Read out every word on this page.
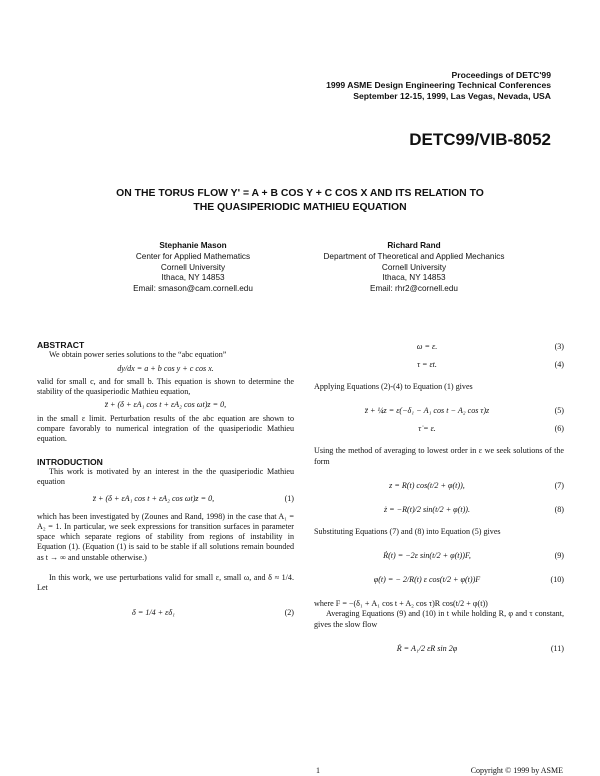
Proceedings of DETC'99
1999 ASME Design Engineering Technical Conferences
September 12-15, 1999, Las Vegas, Nevada, USA
DETC99/VIB-8052
ON THE TORUS FLOW Y' = A + B COS Y + C COS X AND ITS RELATION TO
THE QUASIPERIODIC MATHIEU EQUATION
Stephanie Mason
Center for Applied Mathematics
Cornell University
Ithaca, NY 14853
Email: smason@cam.cornell.edu
Richard Rand
Department of Theoretical and Applied Mechanics
Cornell University
Ithaca, NY 14853
Email: rhr2@cornell.edu
ABSTRACT

We obtain power series solutions to the “abc equation”

dy/dx = a + b cos y + c cos x.

valid for small c, and for small b. This equation is shown to determine the stability of the quasiperiodic Mathieu equation,

z̈ + (δ + εA₁ cos t + εA₂ cos ωt)z = 0,

in the small ε limit. Perturbation results of the abc equation are shown to compare favorably to numerical integration of the quasiperiodic Mathieu equation.

INTRODUCTION

This work is motivated by an interest in the the quasiperiodic Mathieu equation

z̈ + (δ + εA₁ cos t + εA₂ cos ωt)z = 0,	(1)

which has been investigated by (Zounes and Rand, 1998) in the case that A₁ = A₂ = 1. In particular, we seek expressions for transition surfaces in parameter space which separate regions of stability from regions of instability in Equation (1). (Equation (1) is said to be stable if all solutions remain bounded as t → ∞ and unstable otherwise.)

In this work, we use perturbations valid for small ε, small ω, and δ ≈ 1/4. Let

δ = 1/4 + εδ₁	(2)
ω = ε.	(3)
τ = εt.	(4)

Applying Equations (2)-(4) to Equation (1) gives

z̈ + ¼z = ε(−δ₁ − A₁ cos t − A₂ cos τ)z	(5)
τ̇ = ε.	(6)

Using the method of averaging to lowest order in ε we seek solutions of the form

z = R(t) cos(t/2 + φ(t)),	(7)
ż = −R(t)/2 sin(t/2 + φ(t)).	(8)

Substituting Equations (7) and (8) into Equation (5) gives

Ṙ(t) = −2ε sin(t/2 + φ(t))F,	(9)
φ̇(t) = − 2/R(t) ε cos(t/2 + φ(t))F	(10)

where F = −(δ₁ + A₁ cos t + A₂ cos τ)R cos(t/2 + φ(t))

Averaging Equations (9) and (10) in t while holding R, φ and τ constant, gives the slow flow

Ṙ = A₁/2 εR sin 2φ	(11)
1	Copyright © 1999 by ASME
